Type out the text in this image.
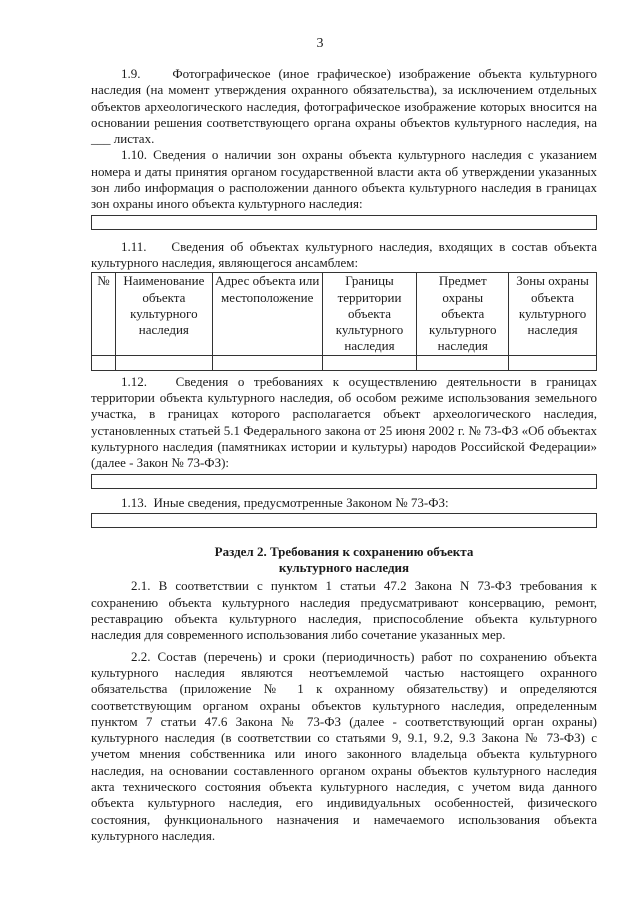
3

1.9.    Фотографическое (иное графическое) изображение объекта культурного наследия (на момент утверждения охранного обязательства), за исключением отдельных объектов археологического наследия, фотографическое изображение которых вносится на основании решения соответствующего органа охраны объектов культурного наследия, на ___ листах.

1.10. Сведения о наличии зон охраны объекта культурного наследия с указанием номера и даты принятия органом государственной власти акта об утверждении указанных зон либо информация о расположении данного объекта культурного наследия в границах зон охраны иного объекта культурного наследия:

1.11.    Сведения об объектах культурного наследия, входящих в состав объекта культурного наследия, являющегося ансамблем:

№	Наименование объекта культурного наследия	Адрес объекта или местоположение	Границы территории объекта культурного наследия	Предмет охраны объекта культурного наследия	Зоны охраны объекта культурного наследия

1.12.   Сведения о требованиях к осуществлению деятельности в границах территории объекта культурного наследия, об особом режиме использования земельного участка, в границах которого располагается объект археологического наследия, установленных статьей 5.1 Федерального закона от 25 июня 2002 г. № 73-ФЗ «Об объектах культурного наследия (памятниках истории и культуры) народов Российской Федерации» (далее - Закон № 73-ФЗ):

1.13.  Иные сведения, предусмотренные Законом № 73-ФЗ:

Раздел 2. Требования к сохранению объекта
культурного наследия

2.1. В соответствии с пунктом 1 статьи 47.2 Закона N 73-ФЗ требования к сохранению объекта культурного наследия предусматривают консервацию, ремонт, реставрацию объекта культурного наследия, приспособление объекта культурного наследия для современного использования либо сочетание указанных мер.

2.2. Состав (перечень) и сроки (периодичность) работ по сохранению объекта культурного наследия являются неотъемлемой частью настоящего охранного обязательства (приложение № 1 к охранному обязательству) и определяются соответствующим органом охраны объектов культурного наследия, определенным пунктом 7 статьи 47.6 Закона № 73-ФЗ (далее - соответствующий орган охраны) культурного наследия (в соответствии со статьями 9, 9.1, 9.2, 9.3 Закона № 73-ФЗ) с учетом мнения собственника или иного законного владельца объекта культурного наследия, на основании составленного органом охраны объектов культурного наследия акта технического состояния объекта культурного наследия, с учетом вида данного объекта культурного наследия, его индивидуальных особенностей, физического состояния, функционального назначения и намечаемого использования объекта культурного наследия.
